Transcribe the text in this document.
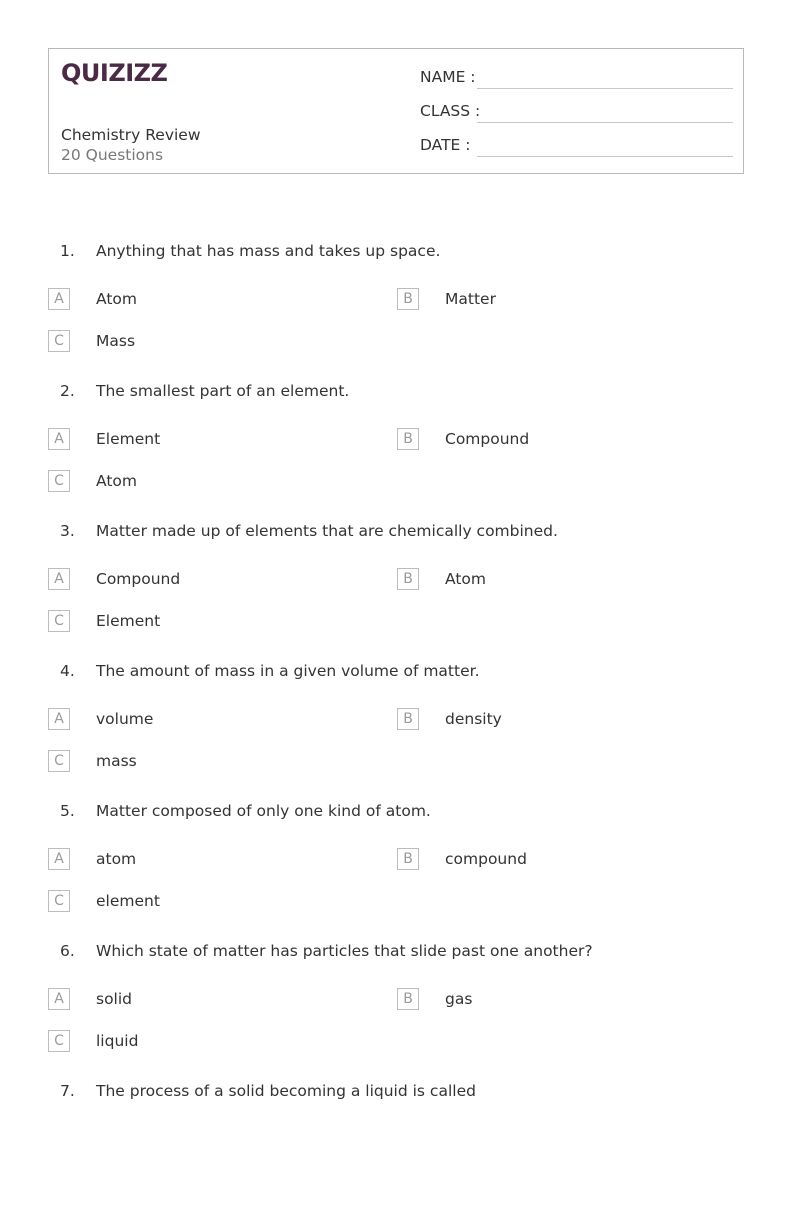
QUIZIZZ
Chemistry Review
20 Questions
NAME :
CLASS :
DATE :
1. Anything that has mass and takes up space.
A	Atom	B	Matter
C	Mass
2. The smallest part of an element.
A	Element	B	Compound
C	Atom
3. Matter made up of elements that are chemically combined.
A	Compound	B	Atom
C	Element
4. The amount of mass in a given volume of matter.
A	volume	B	density
C	mass
5. Matter composed of only one kind of atom.
A	atom	B	compound
C	element
6. Which state of matter has particles that slide past one another?
A	solid	B	gas
C	liquid
7. The process of a solid becoming a liquid is called
